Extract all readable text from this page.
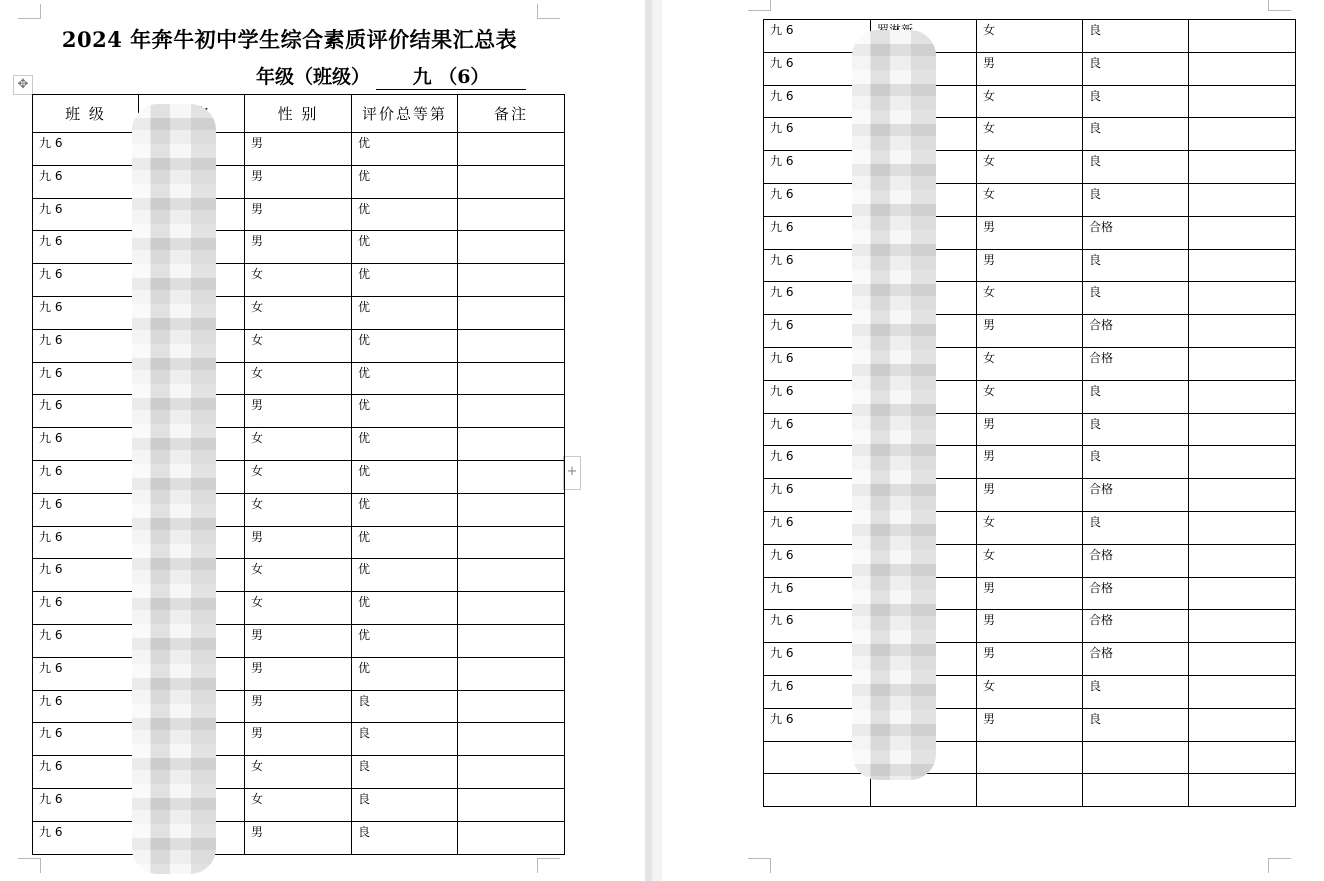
2024 年奔牛初中学生综合素质评价结果汇总表
年级（班级） 九 （6）
✥
+
班 级		性 别	评价总等第	备注

九 6		男	优	

九 6		男	优	

九 6		男	优	

九 6		男	优	

九 6		女	优	

九 6		女	优	

九 6		女	优	

九 6		女	优	

九 6		男	优	

九 6		女	优	

九 6		女	优	

九 6		女	优	

九 6		男	优	

九 6		女	优	

九 6		女	优	

九 6		男	优	

九 6		男	优	

九 6		男	良	

九 6		男	良	

九 6		女	良	

九 6		女	良	

九 6		男	良	

九 6		女	良	

九 6		男	良	

九 6		女	良	

九 6		女	良	

九 6		女	良	

九 6		女	良	

九 6		男	合格	

九 6		男	良	

九 6		女	良	

九 6		男	合格	

九 6		女	合格	

九 6		女	良	

九 6		男	良	

九 6		男	良	

九 6		男	合格	

九 6		女	良	

九 6		女	合格	

九 6		男	合格	

九 6		男	合格	

九 6		男	合格	

九 6		女	良	

九 6		男	良	
